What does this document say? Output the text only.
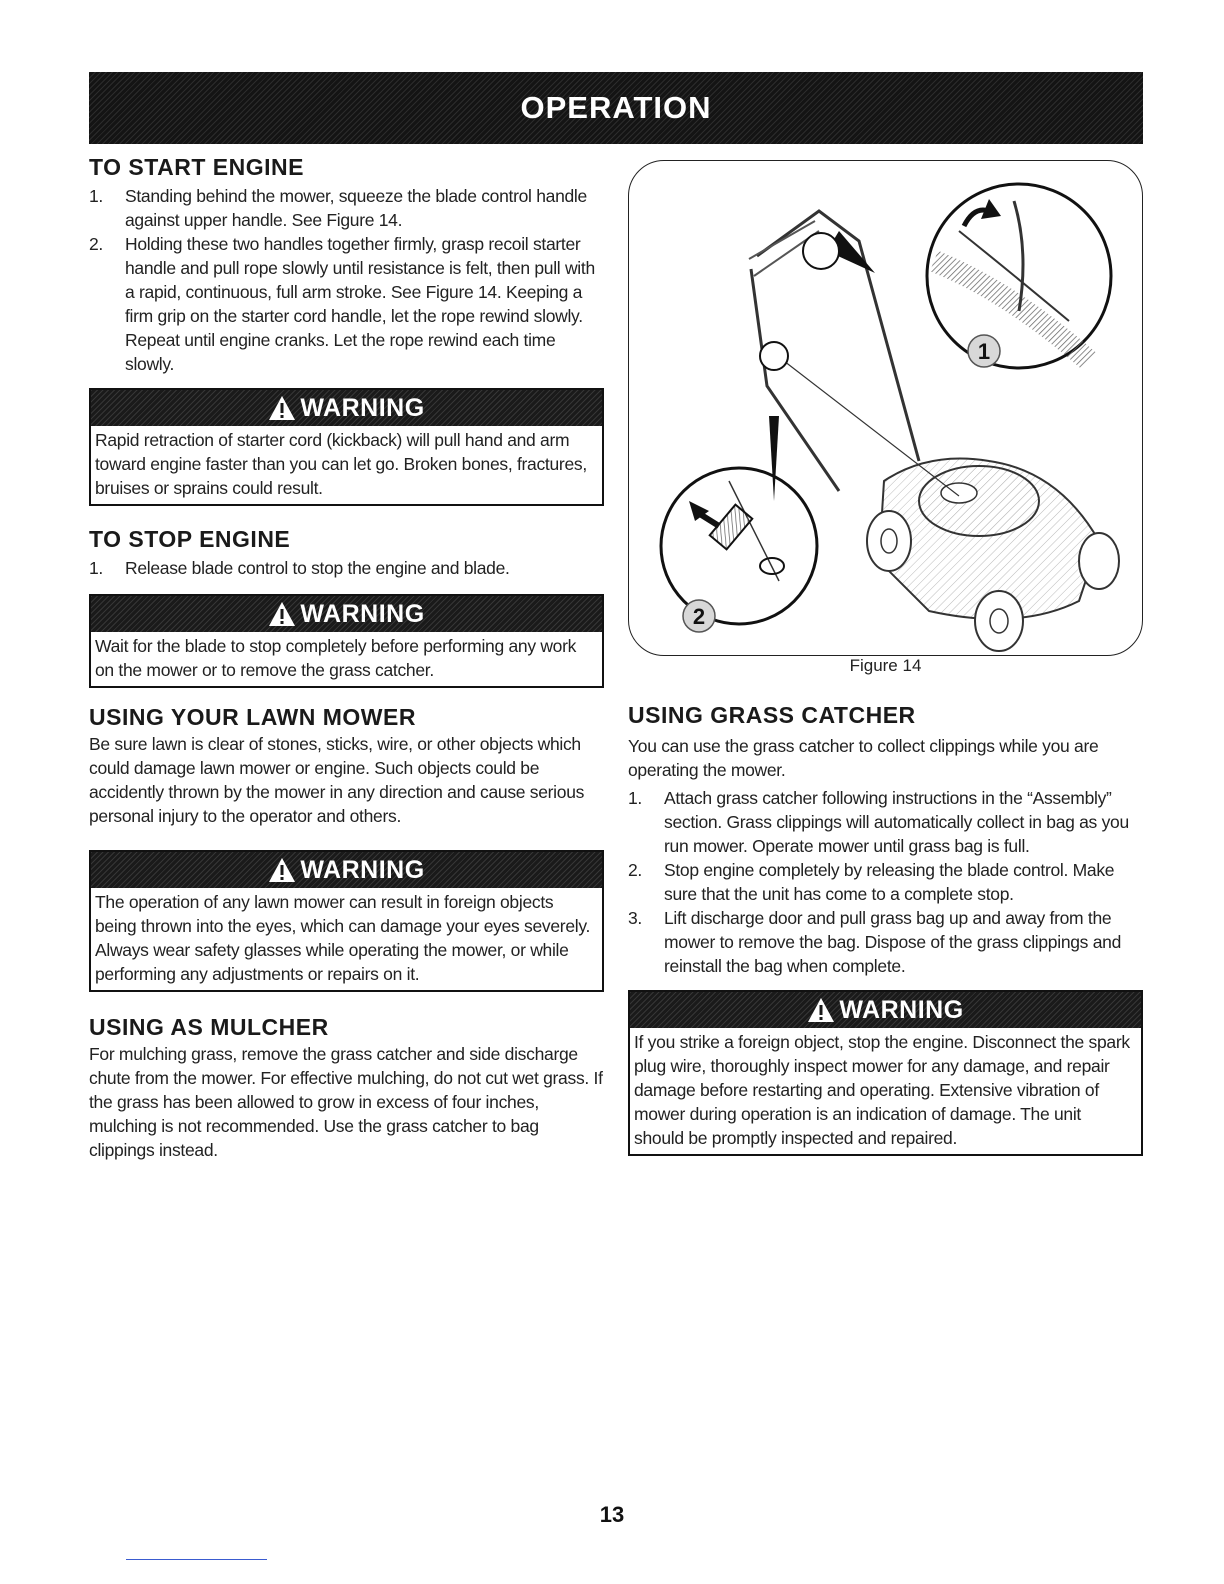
OPERATION
TO START ENGINE
1. Standing behind the mower, squeeze the blade control handle against upper handle. See Figure 14.
2. Holding these two handles together firmly, grasp recoil starter handle and pull rope slowly until resistance is felt, then pull with a rapid, continuous, full arm stroke. See Figure 14. Keeping a firm grip on the starter cord handle, let the rope rewind slowly. Repeat until engine cranks. Let the rope rewind each time slowly.
WARNING
Rapid retraction of starter cord (kickback) will pull hand and arm toward engine faster than you can let go. Broken bones, fractures, bruises or sprains could result.
TO STOP ENGINE
1. Release blade control to stop the engine and blade.
WARNING
Wait for the blade to stop completely before performing any work on the mower or to remove the grass catcher.
USING YOUR LAWN MOWER
Be sure lawn is clear of stones, sticks, wire, or other objects which could damage lawn mower or engine. Such objects could be accidently thrown by the mower in any direction and cause serious personal injury to the operator and others.
WARNING
The operation of any lawn mower can result in foreign objects being thrown into the eyes, which can damage your eyes severely. Always wear safety glasses while operating the mower, or while performing any adjustments or repairs on it.
USING AS MULCHER
For mulching grass, remove the grass catcher and side discharge chute from the mower. For effective mulching, do not cut wet grass. If the grass has been allowed to grow in excess of four inches, mulching is not recommended. Use the grass catcher to bag clippings instead.
1
2
Figure 14
USING GRASS CATCHER
You can use the grass catcher to collect clippings while you are operating the mower.
1. Attach grass catcher following instructions in the “Assembly” section. Grass clippings will automatically collect in bag as you run mower. Operate mower until grass bag is full.
2. Stop engine completely by releasing the blade control. Make sure that the unit has come to a complete stop.
3. Lift discharge door and pull grass bag up and away from the mower to remove the bag. Dispose of the grass clippings and reinstall the bag when complete.
WARNING
If you strike a foreign object, stop the engine. Disconnect the spark plug wire, thoroughly inspect mower for any damage, and repair damage before restarting and operating. Extensive vibration of mower during operation is an indication of damage. The unit should be promptly inspected and repaired.
13
